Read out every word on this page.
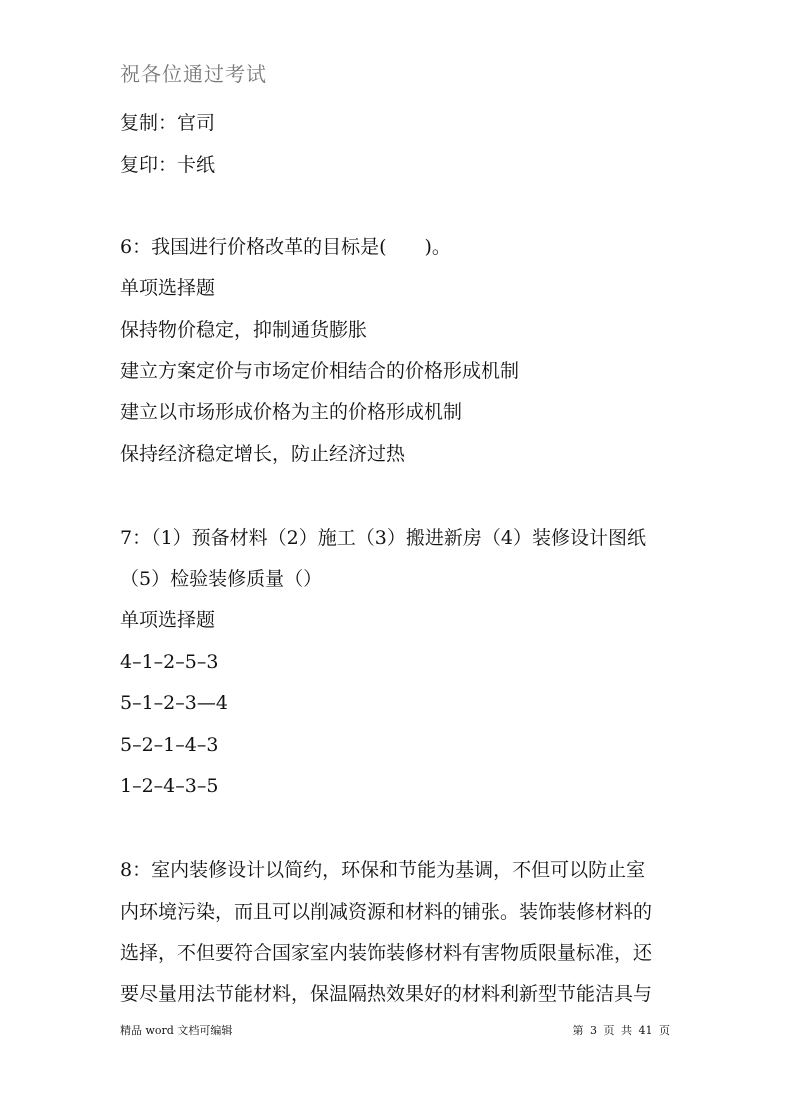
祝各位通过考试
复制：官司
复印：卡纸
6：我国进行价格改革的目标是(　　)。
单项选择题
保持物价稳定，抑制通货膨胀
建立方案定价与市场定价相结合的价格形成机制
建立以市场形成价格为主的价格形成机制
保持经济稳定增长，防止经济过热
7：（1）预备材料（2）施工（3）搬进新房（4）装修设计图纸
（5）检验装修质量（）
单项选择题
4–1–2–5–3
5–1–2–3—4
5–2–1–4–3
1–2–4–3–5
8：室内装修设计以简约，环保和节能为基调，不但可以防止室
内环境污染，而且可以削减资源和材料的铺张。装饰装修材料的
选择，不但要符合国家室内装饰装修材料有害物质限量标准，还
要尽量用法节能材料，保温隔热效果好的材料利新型节能洁具与
精品 word 文档可编辑	第 3 页 共 41 页
